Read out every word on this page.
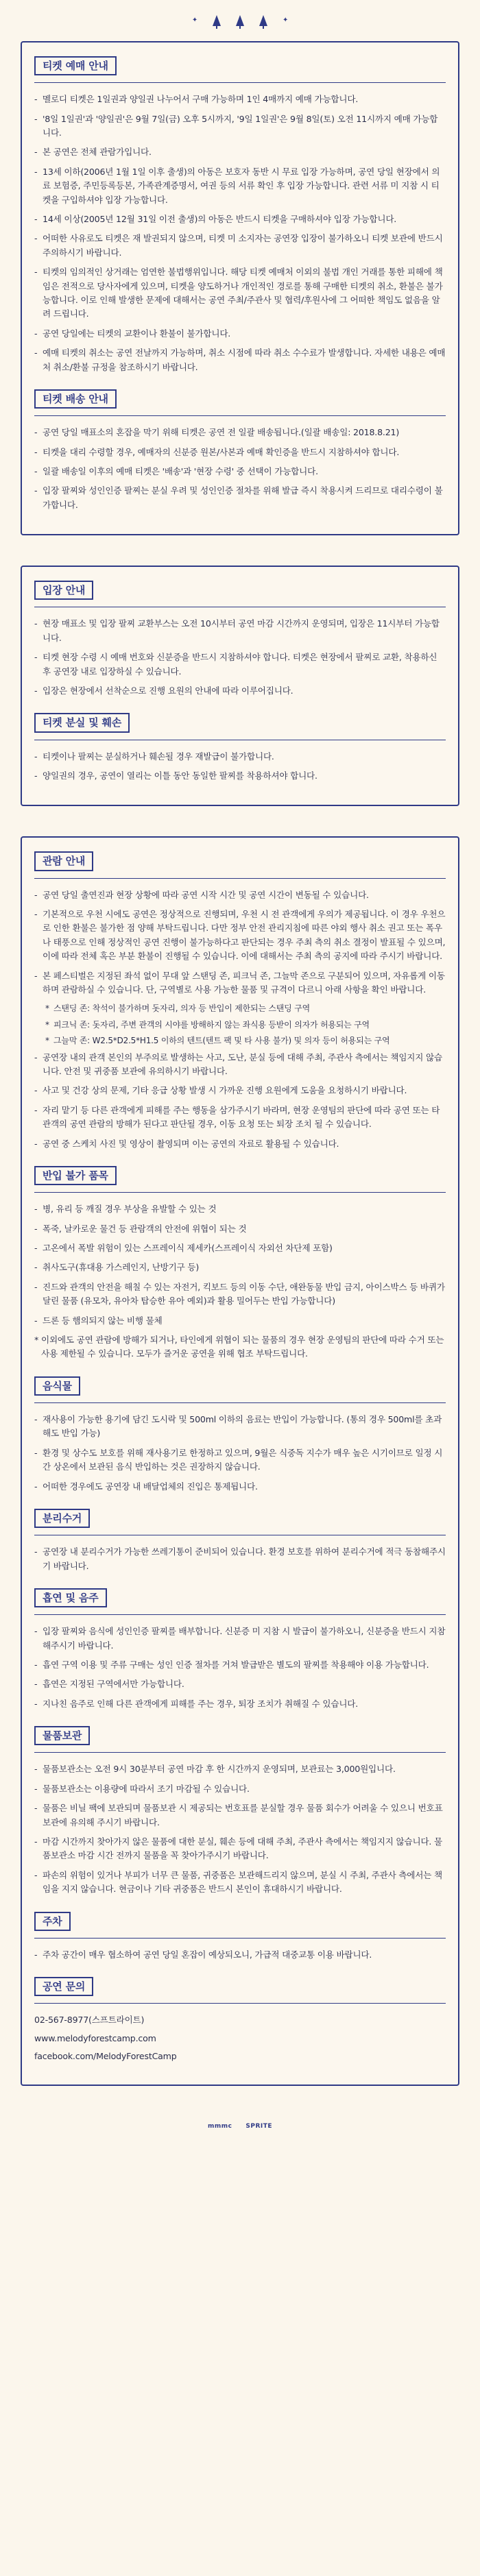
✦	✦
티켓 예매 안내
- 멜로디 티켓은 1일권과 양일권 나누어서 구매 가능하며 1인 4매까지 예매 가능합니다.
- '8일 1일권'과 '양일권'은 9월 7일(금) 오후 5시까지, '9일 1일권'은 9월 8일(토) 오전 11시까지 예매 가능합니다.
- 본 공연은 전체 관람가입니다.
- 13세 이하(2006년 1월 1일 이후 출생)의 아동은 보호자 동반 시 무료 입장 가능하며, 공연 당일 현장에서 의료 보험증, 주민등록등본, 가족관계증명서, 여권 등의 서류 확인 후 입장 가능합니다. 관련 서류 미 지참 시 티켓을 구입하셔야 입장 가능합니다.
- 14세 이상(2005년 12월 31일 이전 출생)의 아동은 반드시 티켓을 구매하셔야 입장 가능합니다.
- 어떠한 사유로도 티켓은 재 발권되지 않으며, 티켓 미 소지자는 공연장 입장이 불가하오니 티켓 보관에 반드시 주의하시기 바랍니다.
- 티켓의 임의적인 상거래는 엄연한 불법행위입니다. 해당 티켓 예매처 이외의 불법 개인 거래를 통한 피해에 책임은 전적으로 당사자에게 있으며, 티켓을 양도하거나 개인적인 경로를 통해 구매한 티켓의 취소, 환불은 불가능합니다. 이로 인해 발생한 문제에 대해서는 공연 주최/주관사 및 협력/후원사에 그 어떠한 책임도 없음을 알려 드립니다.
- 공연 당일에는 티켓의 교환이나 환불이 불가합니다.
- 예매 티켓의 취소는 공연 전날까지 가능하며, 취소 시점에 따라 취소 수수료가 발생합니다. 자세한 내용은 예매처 취소/환불 규정을 참조하시기 바랍니다.
티켓 배송 안내
- 공연 당일 매표소의 혼잡을 막기 위해 티켓은 공연 전 일괄 배송됩니다.(일괄 배송일: 2018.8.21)
- 티켓을 대리 수령할 경우, 예매자의 신분증 원본/사본과 예매 확인증을 반드시 지참하셔야 합니다.
- 일괄 배송일 이후의 예매 티켓은 '배송'과 '현장 수령' 중 선택이 가능합니다.
- 입장 팔찌와 성인인증 팔찌는 분실 우려 및 성인인증 절차를 위해 발급 즉시 착용시켜 드리므로 대리수령이 불가합니다.
입장 안내
- 현장 매표소 및 입장 팔찌 교환부스는 오전 10시부터 공연 마감 시간까지 운영되며, 입장은 11시부터 가능합니다.
- 티켓 현장 수령 시 예매 번호와 신분증을 반드시 지참하셔야 합니다. 티켓은 현장에서 팔찌로 교환, 착용하신 후 공연장 내로 입장하실 수 있습니다.
- 입장은 현장에서 선착순으로 진행 요원의 안내에 따라 이루어집니다.
티켓 분실 및 훼손
- 티켓이나 팔찌는 분실하거나 훼손될 경우 재발급이 불가합니다.
- 양일권의 경우, 공연이 열리는 이틀 동안 동일한 팔찌를 착용하셔야 합니다.
관람 안내
- 공연 당일 출연진과 현장 상황에 따라 공연 시작 시간 및 공연 시간이 변동될 수 있습니다.
- 기본적으로 우천 시에도 공연은 정상적으로 진행되며, 우천 시 전 관객에게 우의가 제공됩니다. 이 경우 우천으로 인한 환불은 불가한 점 양해 부탁드립니다. 다만 정부 안전 관리지침에 따른 야외 행사 취소 권고 또는 폭우나 태풍으로 인해 정상적인 공연 진행이 불가능하다고 판단되는 경우 주최 측의 취소 결정이 발표될 수 있으며, 이에 따라 전체 혹은 부분 환불이 진행될 수 있습니다. 이에 대해서는 주최 측의 공지에 따라 주시기 바랍니다.
- 본 페스티벌은 지정된 좌석 없이 무대 앞 스탠딩 존, 피크닉 존, 그늘막 존으로 구분되어 있으며, 자유롭게 이동하며 관람하실 수 있습니다. 단, 구역별로 사용 가능한 물품 및 규격이 다르니 아래 사항을 확인 바랍니다.
* 스탠딩 존: 착석이 불가하며 돗자리, 의자 등 반입이 제한되는 스탠딩 구역
* 피크닉 존: 돗자리, 주변 관객의 시야를 방해하지 않는 좌식용 등받이 의자가 허용되는 구역
* 그늘막 존: W2.5*D2.5*H1.5 이하의 텐트(텐트 팩 및 타 사용 불가) 및 의자 등이 허용되는 구역
- 공연장 내의 관객 본인의 부주의로 발생하는 사고, 도난, 분실 등에 대해 주최, 주관사 측에서는 책임지지 않습니다. 안전 및 귀중품 보관에 유의하시기 바랍니다.
- 사고 및 건강 상의 문제, 기타 응급 상황 발생 시 가까운 진행 요원에게 도움을 요청하시기 바랍니다.
- 자리 맡기 등 다른 관객에게 피해를 주는 행동을 삼가주시기 바라며, 현장 운영팀의 판단에 따라 공연 또는 타 관객의 공연 관람의 방해가 된다고 판단될 경우, 이동 요청 또는 퇴장 조치 될 수 있습니다.
- 공연 중 스케치 사진 및 영상이 촬영되며 이는 공연의 자료로 활용될 수 있습니다.
반입 불가 품목
- 병, 유리 등 깨질 경우 부상을 유발할 수 있는 것
- 폭죽, 날카로운 물건 등 관람객의 안전에 위협이 되는 것
- 고온에서 폭발 위험이 있는 스프레이식 제세카(스프레이식 자외선 차단제 포함)
- 취사도구(휴대용 가스레인지, 난방기구 등)
- 진드와 관객의 안전을 해칠 수 있는 자전거, 킥보드 등의 이동 수단, 애완동물 반입 금지, 아이스박스 등 바퀴가 달린 물품 (유모차, 유아차 탑승한 유아 예외)과 활용 밀어두는 반입 가능합니다)
- 드론 등 햄의되지 않는 비행 물체
* 이외에도 공연 관람에 방해가 되거나, 타인에게 위협이 되는 물품의 경우 현장 운영팀의 판단에 따라 수거 또는 사용 제한될 수 있습니다. 모두가 즐거운 공연을 위해 협조 부탁드립니다.
음식물
- 재사용이 가능한 용기에 담긴 도시락 및 500ml 이하의 음료는 반입이 가능합니다. (통의 경우 500ml를 초과해도 반입 가능)
- 환경 및 상수도 보호를 위해 재사용기로 한정하고 있으며, 9월은 식중독 지수가 매우 높은 시기이므로 일정 시간 상온에서 보관된 음식 반입하는 것은 권장하지 않습니다.
- 어떠한 경우에도 공연장 내 배달업체의 진입은 통제됩니다.
분리수거
- 공연장 내 분리수거가 가능한 쓰레기통이 준비되어 있습니다. 환경 보호를 위하여 분리수거에 적극 동참해주시기 바랍니다.
흡연 및 음주
- 입장 팔찌와 음식에 성인인증 팔찌를 배부합니다. 신분증 미 지참 시 발급이 불가하오니, 신분증을 반드시 지참해주시기 바랍니다.
- 흡연 구역 이용 및 주류 구매는 성인 인증 절차를 거쳐 발급받은 별도의 팔찌를 착용해야 이용 가능합니다.
- 흡연은 지정된 구역에서만 가능합니다.
- 지나친 음주로 인해 다른 관객에게 피해를 주는 경우, 퇴장 조치가 취해질 수 있습니다.
물품보관
- 물품보관소는 오전 9시 30분부터 공연 마감 후 한 시간까지 운영되며, 보관료는 3,000원입니다.
- 물품보관소는 이용량에 따라서 조기 마감될 수 있습니다.
- 물품은 비닐 팩에 보관되며 물품보관 시 제공되는 번호표를 분실할 경우 물품 회수가 어려울 수 있으니 번호표 보관에 유의해 주시기 바랍니다.
- 마감 시간까지 찾아가지 않은 물품에 대한 분실, 훼손 등에 대해 주최, 주관사 측에서는 책임지지 않습니다. 물품보관소 마감 시간 전까지 물품을 꼭 찾아가주시기 바랍니다.
- 파손의 위험이 있거나 부피가 너무 큰 물품, 귀중품은 보관해드리지 않으며, 분실 시 주최, 주관사 측에서는 책임을 지지 않습니다. 현금이나 기타 귀중품은 반드시 본인이 휴대하시기 바랍니다.
주차
- 주차 공간이 매우 협소하여 공연 당일 혼잡이 예상되오니, 가급적 대중교통 이용 바랍니다.
공연 문의

02-567-8977(스프트라이트)

www.melodyforestcamp.com

facebook.com/MelodyForestCamp

mmmc SPRITE
